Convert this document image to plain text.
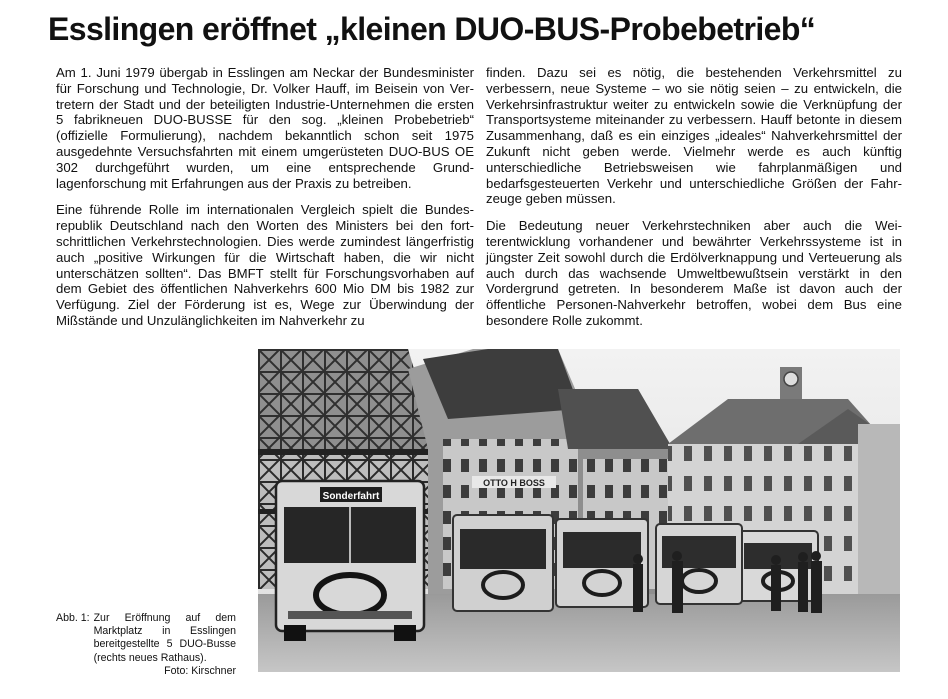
Esslingen eröffnet „kleinen DUO-BUS-Probebetrieb“

Am 1. Juni 1979 übergab in Esslingen am Neckar der Bundesminister für Forschung und Technologie, Dr. Volker Hauff, im Beisein von Vertretern der Stadt und der beteiligten Industrie-Unternehmen die ersten 5 fabrikneuen DUO-BUSSE für den sog. „kleinen Probebetrieb“ (offizielle Formulierung), nachdem bekanntlich schon seit 1975 ausgedehnte Versuchsfahrten mit einem umgerüsteten DUO-BUS OE 302 durchgeführt wurden, um eine entsprechende Grundlagenforschung mit Erfahrungen aus der Praxis zu betreiben.

Eine führende Rolle im internationalen Vergleich spielt die Bundesrepublik Deutschland nach den Worten des Ministers bei den fortschrittlichen Verkehrstechnologien. Dies werde zumindest längerfristig auch „positive Wirkungen für die Wirtschaft haben, die wir nicht unterschätzen sollten“. Das BMFT stellt für Forschungsvorhaben auf dem Gebiet des öffentlichen Nahverkehrs 600 Mio DM bis 1982 zur Verfügung. Ziel der Förderung ist es, Wege zur Überwindung der Mißstände und Unzulänglichkeiten im Nahverkehr zu

finden. Dazu sei es nötig, die bestehenden Verkehrsmittel zu verbessern, neue Systeme – wo sie nötig seien – zu entwickeln, die Verkehrsinfrastruktur weiter zu entwickeln sowie die Verknüpfung der Transportsysteme miteinander zu verbessern. Hauff betonte in diesem Zusammenhang, daß es ein einziges „ideales“ Nahverkehrsmittel der Zukunft nicht geben werde. Vielmehr werde es auch künftig unterschiedliche Betriebsweisen wie fahrplanmäßigen und bedarfsgesteuerten Verkehr und unterschiedliche Größen der Fahrzeuge geben müssen.

Die Bedeutung neuer Verkehrstechniken aber auch die Weiterentwicklung vorhandener und bewährter Verkehrssysteme ist in jüngster Zeit sowohl durch die Erdölverknappung und Verteuerung als auch durch das wachsende Umweltbewußtsein verstärkt in den Vordergrund getreten. In besonderem Maße ist davon auch der öffentliche Personen-Nahverkehr betroffen, wobei dem Bus eine besondere Rolle zukommt.

OTTO H BOSS
Sonderfahrt
Abb. 1: Zur Eröffnung auf dem Marktplatz in Esslingen bereitgestellte 5 DUO-Busse (rechts neues Rathaus).
Foto: Kirschner
